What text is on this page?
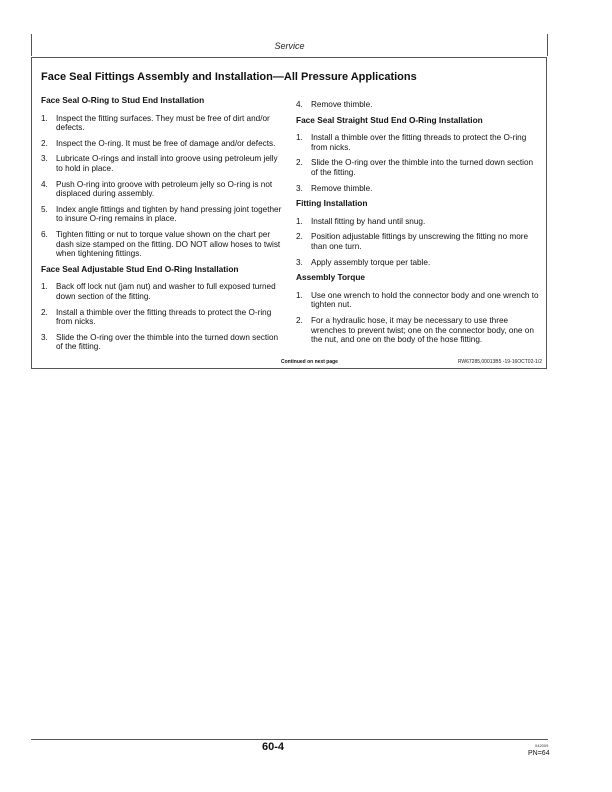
Service
Face Seal Fittings Assembly and Installation—All Pressure Applications
Face Seal O-Ring to Stud End Installation
1. Inspect the fitting surfaces. They must be free of dirt and/or defects.
2. Inspect the O-ring. It must be free of damage and/or defects.
3. Lubricate O-rings and install into groove using petroleum jelly to hold in place.
4. Push O-ring into groove with petroleum jelly so O-ring is not displaced during assembly.
5. Index angle fittings and tighten by hand pressing joint together to insure O-ring remains in place.
6. Tighten fitting or nut to torque value shown on the chart per dash size stamped on the fitting. DO NOT allow hoses to twist when tightening fittings.
Face Seal Adjustable Stud End O-Ring Installation
1. Back off lock nut (jam nut) and washer to full exposed turned down section of the fitting.
2. Install a thimble over the fitting threads to protect the O-ring from nicks.
3. Slide the O-ring over the thimble into the turned down section of the fitting.
4. Remove thimble.
Face Seal Straight Stud End O-Ring Installation
1. Install a thimble over the fitting threads to protect the O-ring from nicks.
2. Slide the O-ring over the thimble into the turned down section of the fitting.
3. Remove thimble.
Fitting Installation
1. Install fitting by hand until snug.
2. Position adjustable fittings by unscrewing the fitting no more than one turn.
3. Apply assembly torque per table.
Assembly Torque
1. Use one wrench to hold the connector body and one wrench to tighten nut.
2. For a hydraulic hose, it may be necessary to use three wrenches to prevent twist; one on the connector body, one on the nut, and one on the body of the hose fitting.
Continued on next page	RW67285,00013B5 -19-16OCT02-1/2
60-4	042009
PN=64
